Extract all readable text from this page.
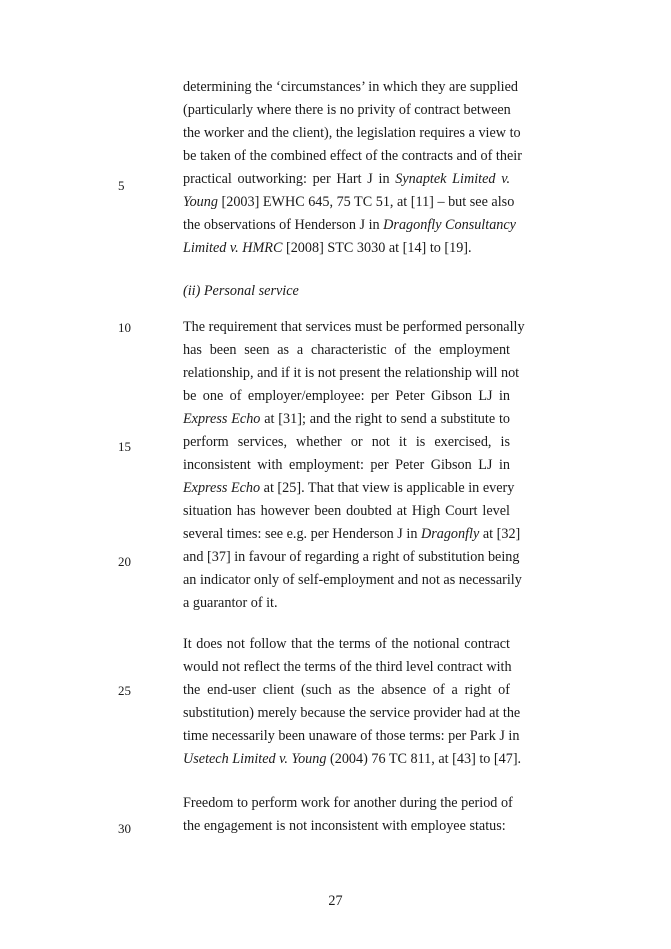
determining the ‘circumstances’ in which they are supplied
(particularly where there is no privity of contract between
the worker and the client), the legislation requires a view to
be taken of the combined effect of the contracts and of their
practical outworking: per Hart J in Synaptek Limited v.
Young [2003] EWHC 645, 75 TC 51, at [11] – but see also
the observations of Henderson J in Dragonfly Consultancy
Limited v. HMRC [2008] STC 3030 at [14] to [19].
(ii) Personal service
The requirement that services must be performed personally
has been seen as a characteristic of the employment
relationship, and if it is not present the relationship will not
be one of employer/employee: per Peter Gibson LJ in
Express Echo at [31]; and the right to send a substitute to
perform services, whether or not it is exercised, is
inconsistent with employment: per Peter Gibson LJ in
Express Echo at [25]. That that view is applicable in every
situation has however been doubted at High Court level
several times: see e.g. per Henderson J in Dragonfly at [32]
and [37] in favour of regarding a right of substitution being
an indicator only of self-employment and not as necessarily
a guarantor of it.
It does not follow that the terms of the notional contract
would not reflect the terms of the third level contract with
the end-user client (such as the absence of a right of
substitution) merely because the service provider had at the
time necessarily been unaware of those terms: per Park J in
Usetech Limited v. Young (2004) 76 TC 811, at [43] to [47].
Freedom to perform work for another during the period of
the engagement is not inconsistent with employee status:
5
10
15
20
25
30
27
